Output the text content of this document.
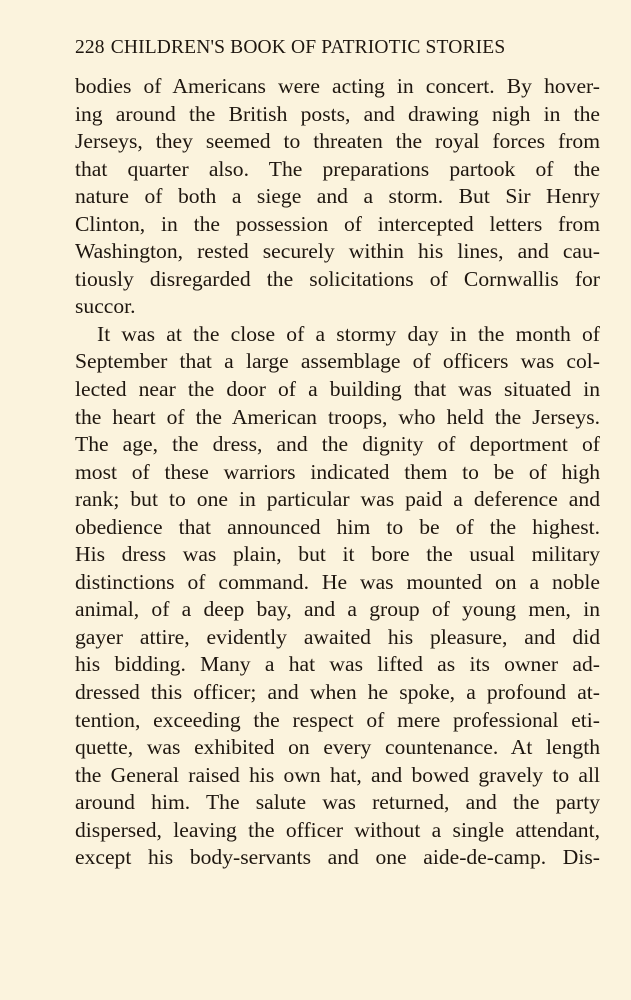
228 CHILDREN'S BOOK OF PATRIOTIC STORIES
bodies of Americans were acting in concert. By hover-
ing around the British posts, and drawing nigh in the
Jerseys, they seemed to threaten the royal forces from
that quarter also. The preparations partook of the
nature of both a siege and a storm. But Sir Henry
Clinton, in the possession of intercepted letters from
Washington, rested securely within his lines, and cau-
tiously disregarded the solicitations of Cornwallis for
succor.
It was at the close of a stormy day in the month of
September that a large assemblage of officers was col-
lected near the door of a building that was situated in
the heart of the American troops, who held the Jerseys.
The age, the dress, and the dignity of deportment of
most of these warriors indicated them to be of high
rank; but to one in particular was paid a deference and
obedience that announced him to be of the highest.
His dress was plain, but it bore the usual military
distinctions of command. He was mounted on a noble
animal, of a deep bay, and a group of young men, in
gayer attire, evidently awaited his pleasure, and did
his bidding. Many a hat was lifted as its owner ad-
dressed this officer; and when he spoke, a profound at-
tention, exceeding the respect of mere professional eti-
quette, was exhibited on every countenance. At length
the General raised his own hat, and bowed gravely to all
around him. The salute was returned, and the party
dispersed, leaving the officer without a single attendant,
except his body-servants and one aide-de-camp. Dis-
